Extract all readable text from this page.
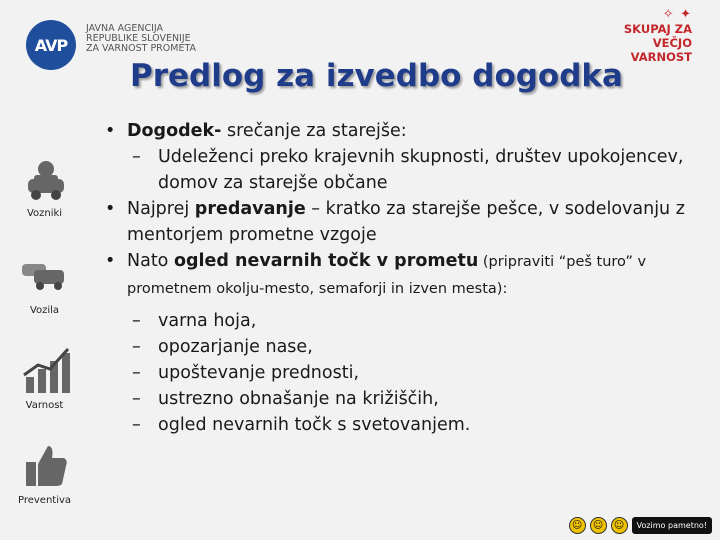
AVP
JAVNA AGENCIJA
REPUBLIKE SLOVENIJE
ZA VARNOST PROMETA
✧ ✦
SKUPAJ ZA
VEČJO VARNOST
Vozniki
Vozila
Varnost
Preventiva
Predlog za izvedbo dogodka
• Dogodek- srečanje za starejše:
– Udeleženci preko krajevnih skupnosti, društev upokojencev, domov za starejše občane
• Najprej predavanje – kratko za starejše pešce, v sodelovanju z mentorjem prometne vzgoje
• Nato ogled nevarnih točk v prometu (pripraviti “peš turo” v prometnem okolju-mesto, semaforji in izven mesta):
– varna hoja,
– opozarjanje nase,
– upoštevanje prednosti,
– ustrezno obnašanje na križiščih,
– ogled nevarnih točk s svetovanjem.
☺	☺	☺	Vozimo pametno!
